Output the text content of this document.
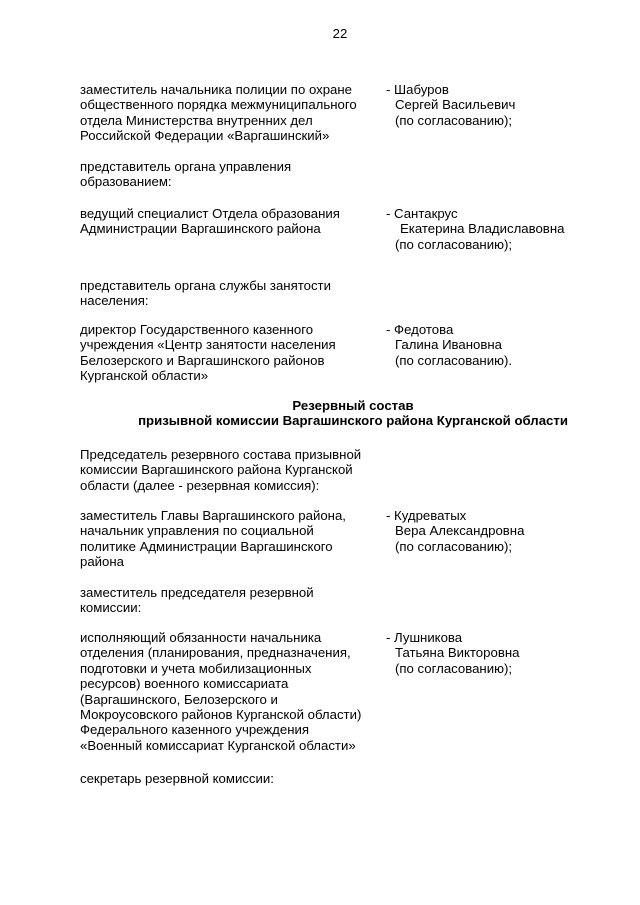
22
заместитель начальника полиции по охране
общественного порядка межмуниципального
отдела Министерства внутренних дел
Российской Федерации «Варгашинский»
- Шабуров
Сергей Васильевич
(по согласованию);
представитель органа управления
образованием:
ведущий специалист Отдела образования
Администрации Варгашинского района
- Сантакрус
Екатерина Владиславовна
(по согласованию);
представитель органа службы занятости
населения:
директор Государственного казенного
учреждения «Центр занятости населения
Белозерского и Варгашинского районов
Курганской области»
- Федотова
Галина Ивановна
(по согласованию).
Резервный состав
призывной комиссии Варгашинского района Курганской области
Председатель резервного состава призывной
комиссии Варгашинского района Курганской
области (далее - резервная комиссия):
заместитель Главы Варгашинского района,
начальник управления по социальной
политике Администрации Варгашинского
района
- Кудреватых
Вера Александровна
(по согласованию);
заместитель председателя резервной
комиссии:
исполняющий обязанности начальника
отделения (планирования, предназначения,
подготовки и учета мобилизационных
ресурсов) военного комиссариата
(Варгашинского, Белозерского и
Мокроусовского районов Курганской области)
Федерального казенного учреждения
«Военный комиссариат Курганской области»
- Лушникова
Татьяна Викторовна
(по согласованию);
секретарь резервной комиссии:
